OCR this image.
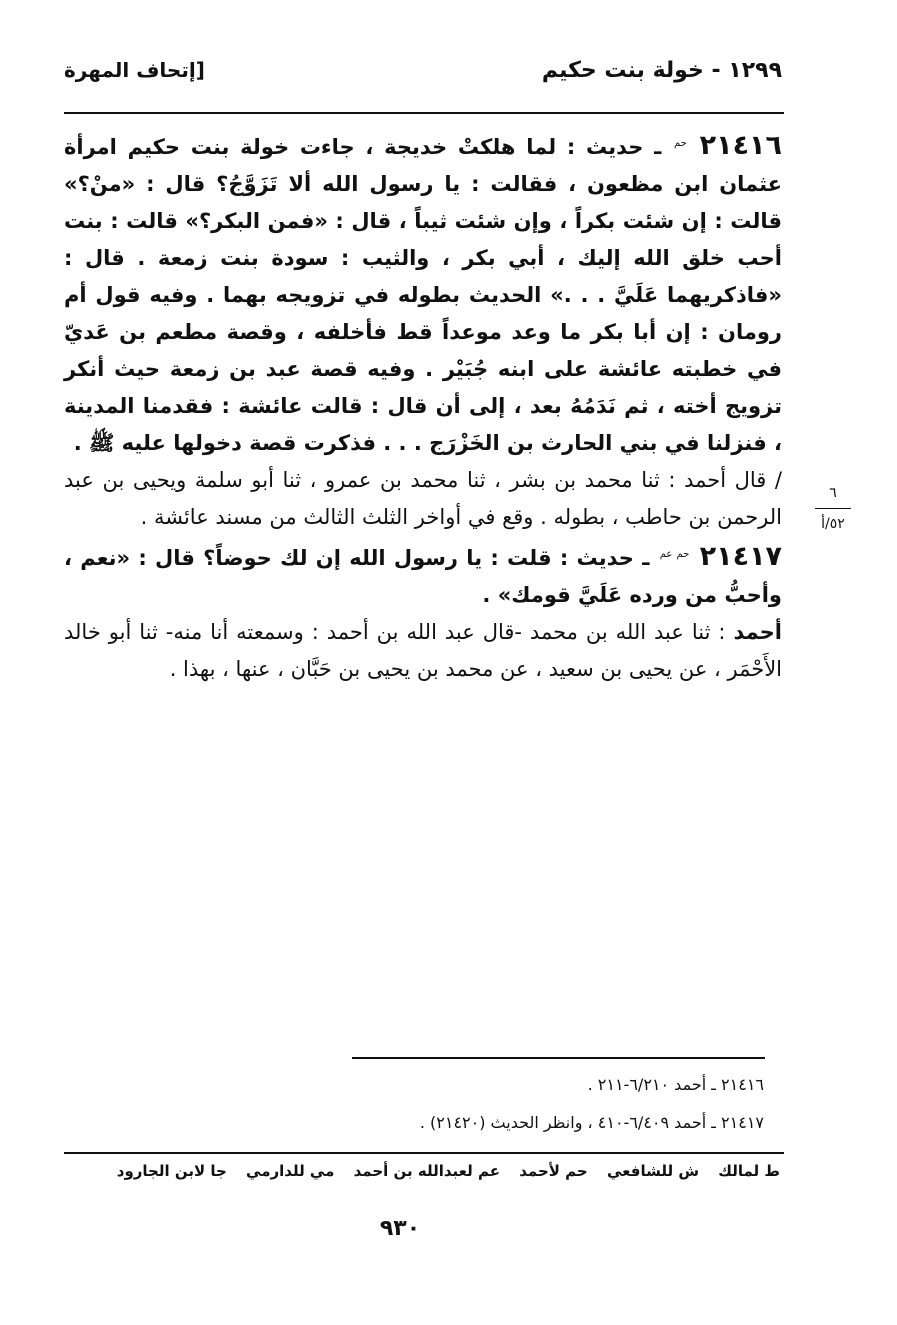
١٢٩٩ - خولة بنت حكيم
[إتحاف المهرة

٢١٤١٦ $^{حم}$ ـ حديث : لما هلكتْ خديجة ، جاءت خولة بنت حكيم امرأة عثمان ابن مظعون ، فقالت : يا رسول الله ألا تَزَوَّجُ؟ قال : «منْ؟» قالت : إن شئت بكراً ، وإن شئت ثيباً ، قال : «فمن البكر؟» قالت : بنت أحب خلق الله إليك ، أبي بكر ، والثيب : سودة بنت زمعة . قال : «فاذكريهما عَلَيَّ . . .» الحديث بطوله في تزويجه بهما . وفيه قول أم رومان : إن أبا بكر ما وعد موعداً قط فأخلفه ، وقصة مطعم بن عَديّ في خطبته عائشة على ابنه جُبَيْر . وفيه قصة عبد بن زمعة حيث أنكر تزويج أخته ، ثم نَدَمُهُ بعد ، إلى أن قال : قالت عائشة : فقدمنا المدينة ، فنزلنا في بني الحارث بن الخَزْرَج . . . فذكرت قصة دخولها عليه ﷺ .

/ قال أحمد : ثنا محمد بن بشر ، ثنا محمد بن عمرو ، ثنا أبو سلمة ويحيى بن عبد الرحمن بن حاطب ، بطوله . وقع في أواخر الثلث الثالث من مسند عائشة .

٢١٤١٧ $^{حم عم}$ ـ حديث : قلت : يا رسول الله إن لك حوضاً؟ قال : «نعم ، وأحبُّ من ورده عَلَيَّ قومك» .

أحمد : ثنا عبد الله بن محمد -قال عبد الله بن أحمد : وسمعته أنا منه- ثنا أبو خالد الأَحْمَر ، عن يحيى بن سعيد ، عن محمد بن يحيى بن حَبَّان ، عنها ، بهذا .

٦
٥٢/أ

٢١٤١٦ ـ أحمد ٦/٢١٠-٢١١ .

٢١٤١٧ ـ أحمد ٦/٤٠٩-٤١٠ ، وانظر الحديث (٢١٤٢٠) .

ط لمالك ش للشافعي حم لأحمد عم لعبدالله بن أحمد مي للدارمي جا لابن الجارود
٩٣٠
